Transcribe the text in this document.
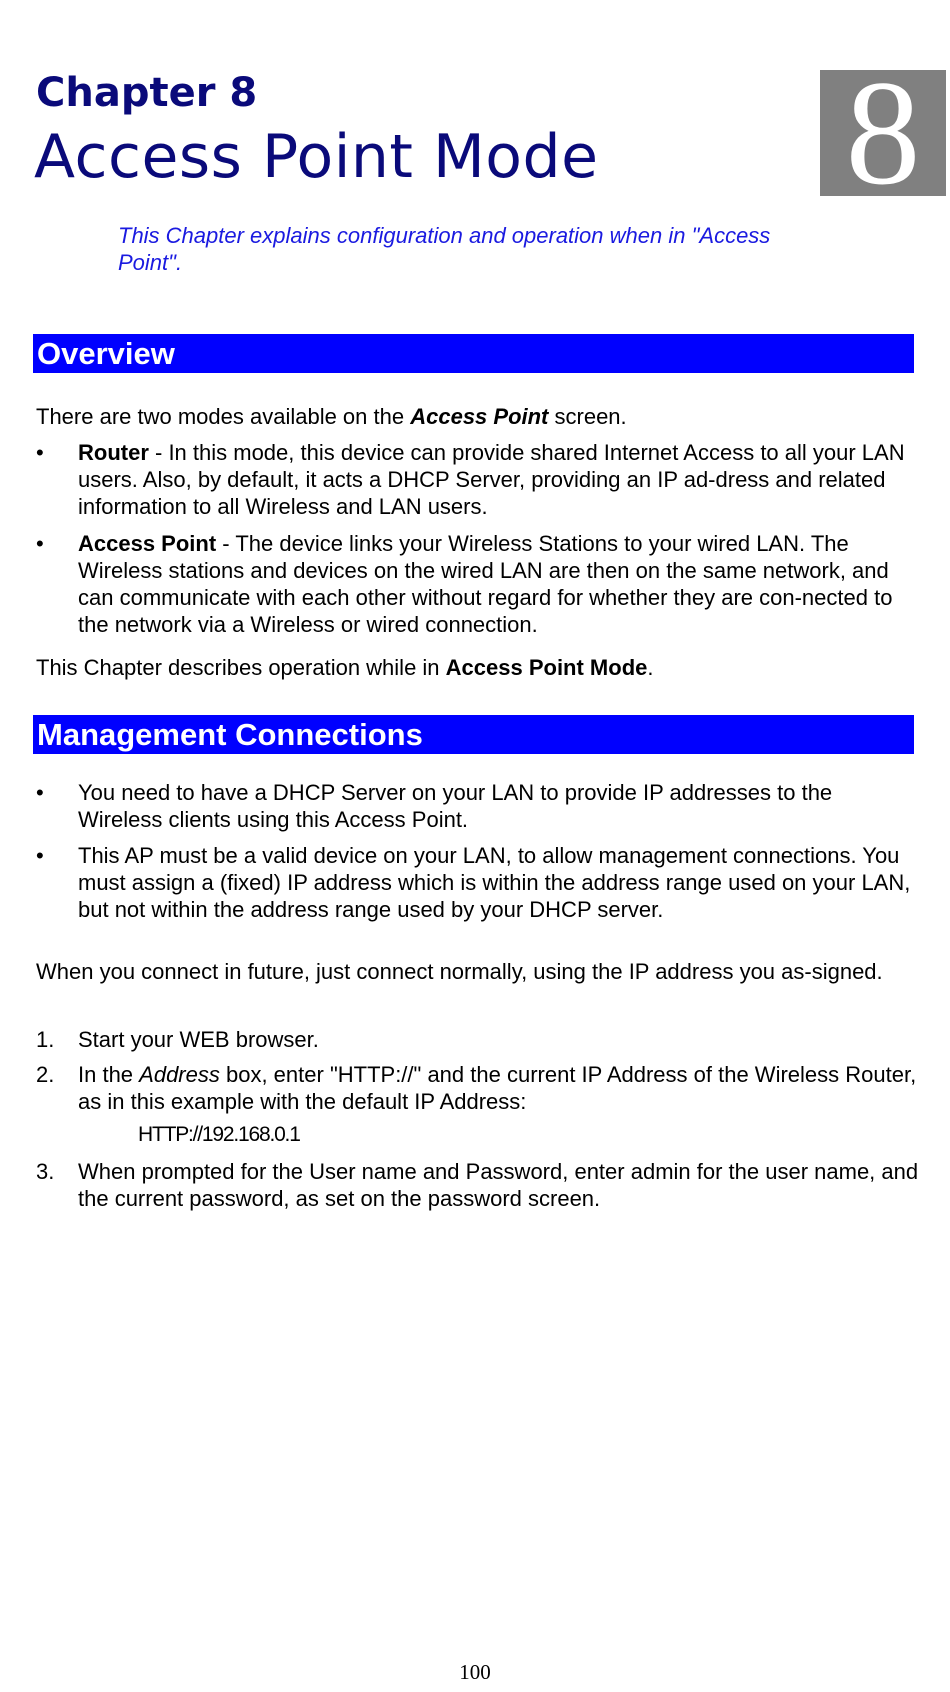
Chapter 8
Access Point Mode 8

This Chapter explains configuration and operation when in "Access Point".

Overview

There are two modes available on the Access Point screen.

• Router - In this mode, this device can provide shared Internet Access to all your LAN users. Also, by default, it acts a DHCP Server, providing an IP ad-dress and related information to all Wireless and LAN users.
• Access Point - The device links your Wireless Stations to your wired LAN. The Wireless stations and devices on the wired LAN are then on the same network, and can communicate with each other without regard for whether they are con-nected to the network via a Wireless or wired connection.

This Chapter describes operation while in Access Point Mode.

Management Connections
• You need to have a DHCP Server on your LAN to provide IP addresses to the Wireless clients using this Access Point.
• This AP must be a valid device on your LAN, to allow management connections. You must assign a (fixed) IP address which is within the address range used on your LAN, but not within the address range used by your DHCP server.

When you connect in future, just connect normally, using the IP address you as-signed.

1. Start your WEB browser.
2. In the Address box, enter "HTTP://" and the current IP Address of the Wireless Router, as in this example with the default IP Address:
HTTP://192.168.0.1
3. When prompted for the User name and Password, enter admin for the user name, and the current password, as set on the password screen.
100
